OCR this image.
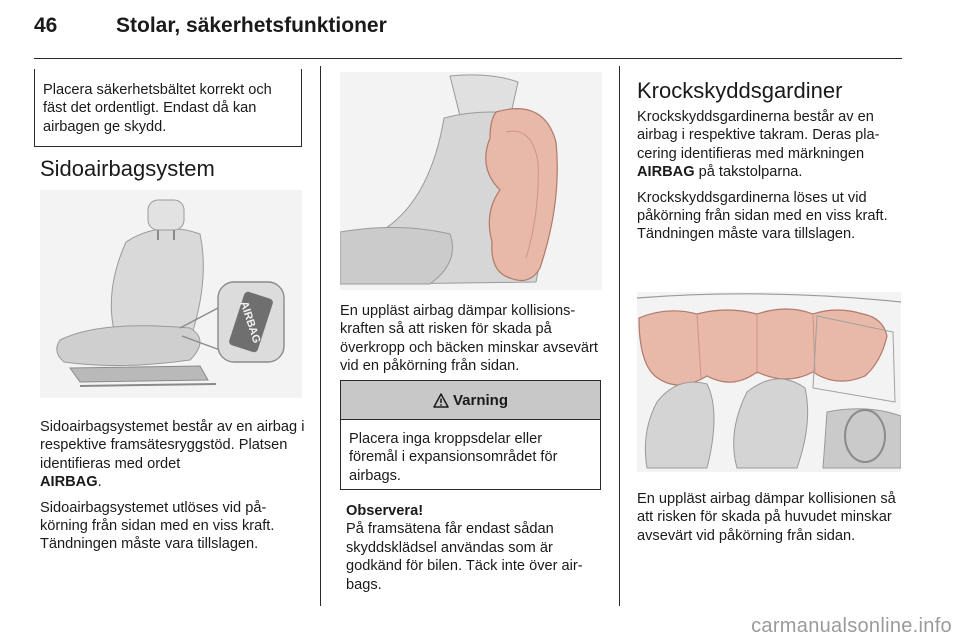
46	Stolar, säkerhetsfunktioner
Placera säkerhetsbältet korrekt och fäst det ordentligt. Endast då kan airbagen ge skydd.
Sidoairbagsystem
AIRBAG

Sidoairbagsystemet består av en airbag i respektive framsätesryggstöd. Platsen identifieras med ordet
AIRBAG.

Sidoairbagsystemet utlöses vid påkörning från sidan med en viss kraft. Tändningen måste vara tillslagen.

En uppläst airbag dämpar kollisionskraften så att risken för skada på överkropp och bäcken minskar avsevärt vid en påkörning från sidan.
Varning
Placera inga kroppsdelar eller föremål i expansionsområdet för airbags.
Observera!
På framsätena får endast sådan skyddsklädsel användas som är godkänd för bilen. Täck inte över airbags.
Krockskyddsgardiner

Krockskyddsgardinerna består av en airbag i respektive takram. Deras placering identifieras med märkningen AIRBAG på takstolparna.

Krockskyddsgardinerna löses ut vid påkörning från sidan med en viss kraft. Tändningen måste vara tillslagen.

En uppläst airbag dämpar kollisionen så att risken för skada på huvudet minskar avsevärt vid påkörning från sidan.
carmanualsonline.info
